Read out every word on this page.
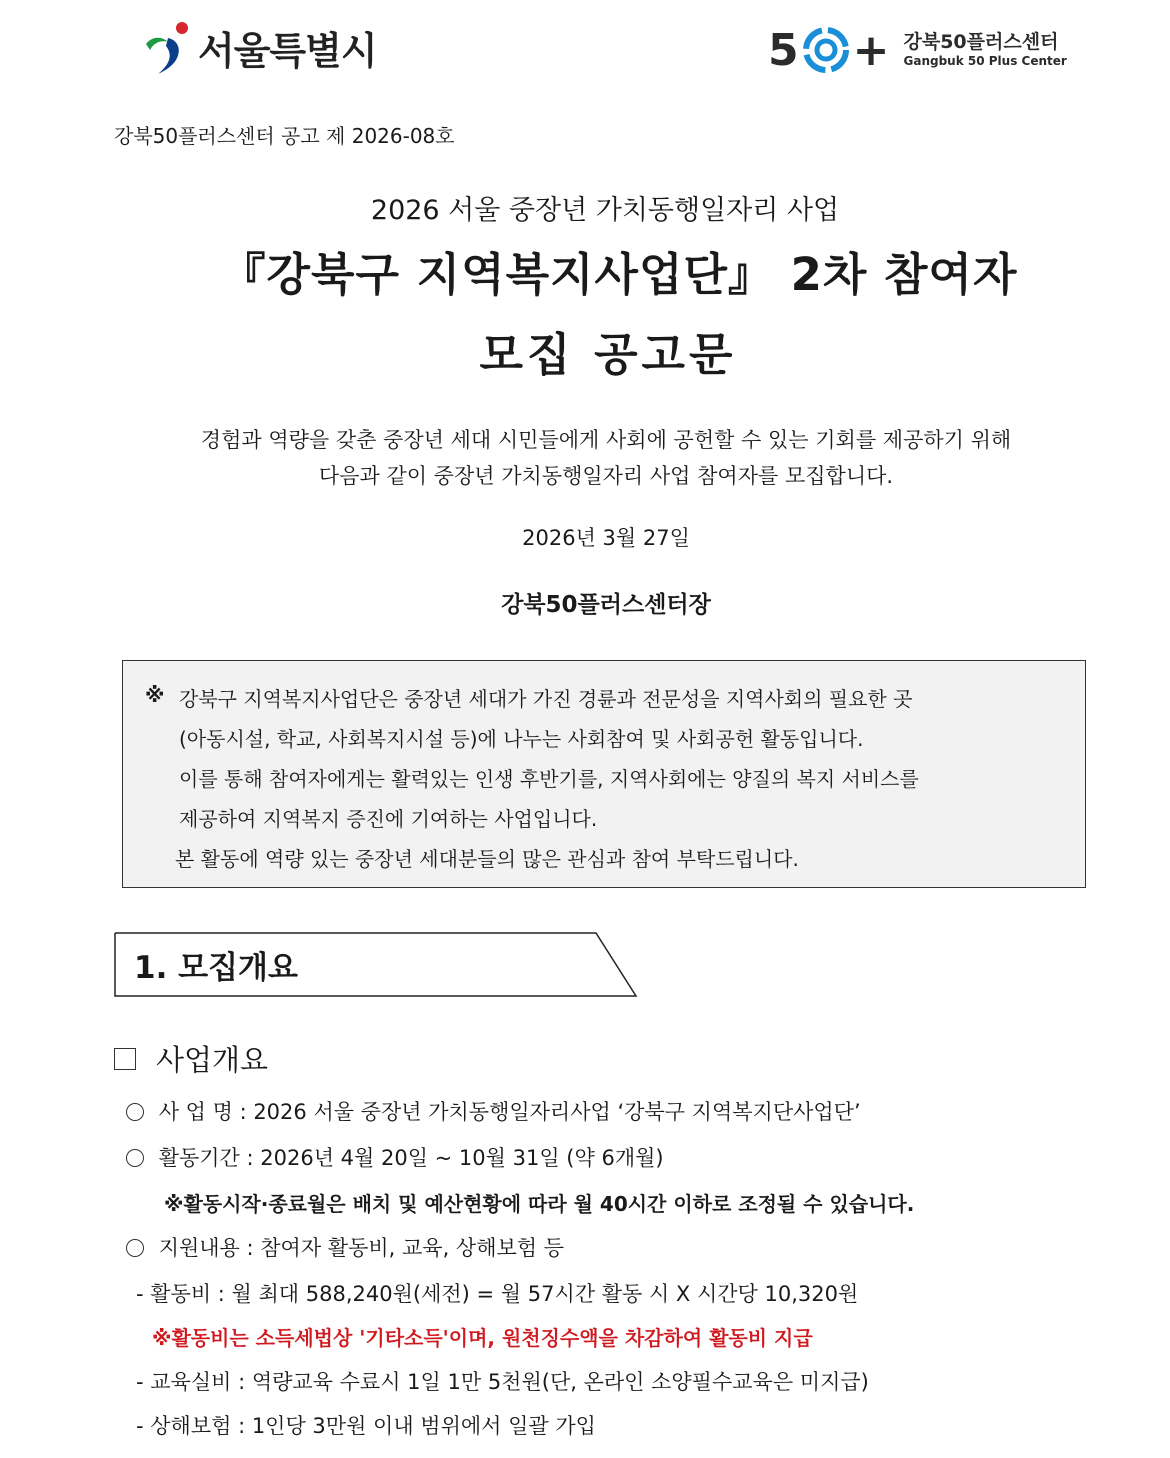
서울특별시	5 + 강북50플러스센터
Gangbuk 50 Plus Center
강북50플러스센터 공고 제 2026-08호
2026 서울 중장년 가치동행일자리 사업
『강북구 지역복지사업단』 2차 참여자
모집 공고문
경험과 역량을 갖춘 중장년 세대 시민들에게 사회에 공헌할 수 있는 기회를 제공하기 위해
다음과 같이 중장년 가치동행일자리 사업 참여자를 모집합니다.
2026년 3월 27일
강북50플러스센터장
※ 강북구 지역복지사업단은 중장년 세대가 가진 경륜과 전문성을 지역사회의 필요한 곳
(아동시설, 학교, 사회복지시설 등)에 나누는 사회참여 및 사회공헌 활동입니다.
이를 통해 참여자에게는 활력있는 인생 후반기를, 지역사회에는 양질의 복지 서비스를
제공하여 지역복지 증진에 기여하는 사업입니다.
본 활동에 역량 있는 중장년 세대분들의 많은 관심과 참여 부탁드립니다.
1. 모집개요
사업개요
사 업 명 : 2026 서울 중장년 가치동행일자리사업 ‘강북구 지역복지단사업단’
활동기간 : 2026년 4월 20일 ~ 10월 31일 (약 6개월)
※활동시작·종료월은 배치 및 예산현황에 따라 월 40시간 이하로 조정될 수 있습니다.
지원내용 : 참여자 활동비, 교육, 상해보험 등
- 활동비 : 월 최대 588,240원(세전) = 월 57시간 활동 시 X 시간당 10,320원
※활동비는 소득세법상 '기타소득'이며, 원천징수액을 차감하여 활동비 지급
- 교육실비 : 역량교육 수료시 1일 1만 5천원(단, 온라인 소양필수교육은 미지급)
- 상해보험 : 1인당 3만원 이내 범위에서 일괄 가입
